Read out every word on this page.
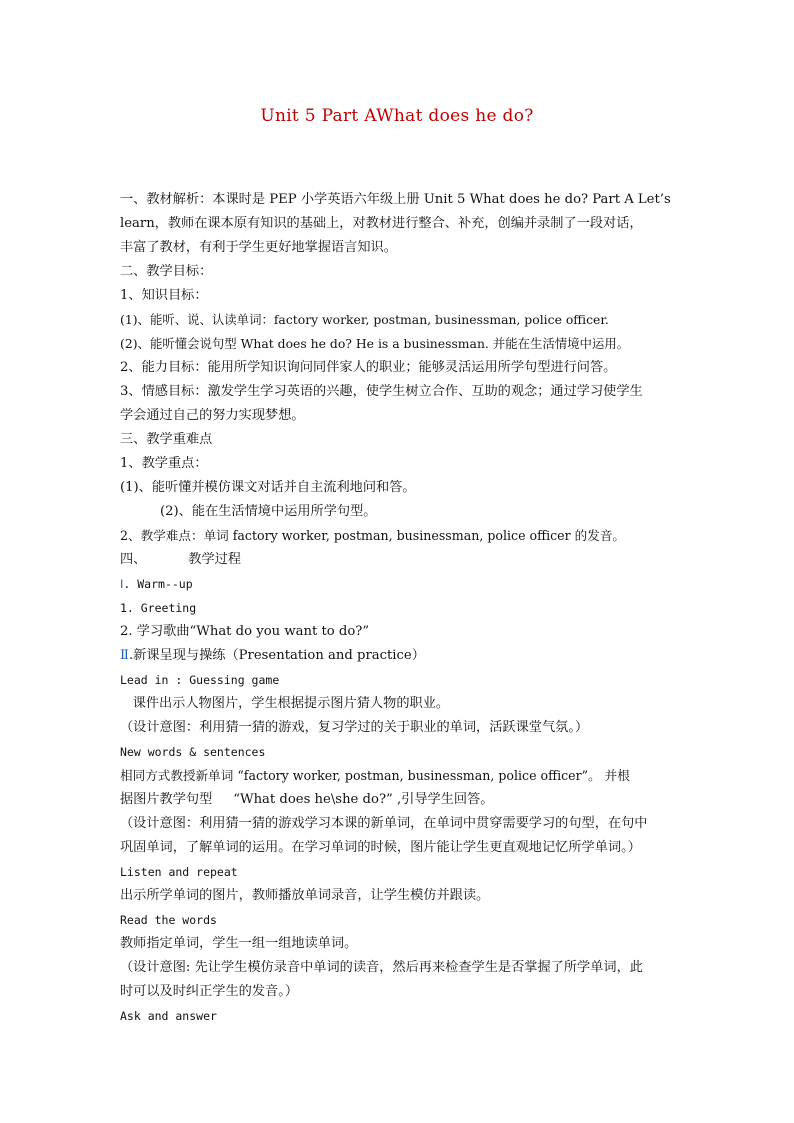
Unit 5 Part AWhat does he do?
一、教材解析：本课时是 PEP 小学英语六年级上册 Unit 5 What does he do? Part A Let’s
learn，教师在课本原有知识的基础上，对教材进行整合、补充，创编并录制了一段对话，
丰富了教材，有利于学生更好地掌握语言知识。
二、教学目标：
1、知识目标：
(1)、能听、说、认读单词：factory worker, postman, businessman, police officer.
(2)、能听懂会说句型 What does he do? He is a businessman. 并能在生活情境中运用。
2、能力目标：能用所学知识询问同伴家人的职业；能够灵活运用所学句型进行问答。
3、情感目标：激发学生学习英语的兴趣，使学生树立合作、互助的观念；通过学习使学生
学会通过自己的努力实现梦想。
三、教学重难点
1、教学重点：
(1)、能听懂并模仿课文对话并自主流利地问和答。
(2)、能在生活情境中运用所学句型。
2、教学难点：单词 factory worker, postman, businessman, police officer 的发音。
四、          教学过程
Ⅰ. Warm--up
1. Greeting
2. 学习歌曲“What do you want to do?”
Ⅱ.新课呈现与操练（Presentation and practice）
Lead in : Guessing game
课件出示人物图片，学生根据提示图片猜人物的职业。
（设计意图：利用猜一猜的游戏，复习学过的关于职业的单词，活跃课堂气氛。）
New words & sentences
相同方式教授新单词 “factory worker, postman, businessman, police officer”。 并根
据图片教学句型     “What does he\she do?” ,引导学生回答。
（设计意图：利用猜一猜的游戏学习本课的新单词，在单词中贯穿需要学习的句型，在句中
巩固单词，了解单词的运用。在学习单词的时候，图片能让学生更直观地记忆所学单词。）
Listen and repeat
出示所学单词的图片，教师播放单词录音，让学生模仿并跟读。
Read the words
教师指定单词，学生一组一组地读单词。
（设计意图: 先让学生模仿录音中单词的读音，然后再来检查学生是否掌握了所学单词，此
时可以及时纠正学生的发音。）
Ask and answer
